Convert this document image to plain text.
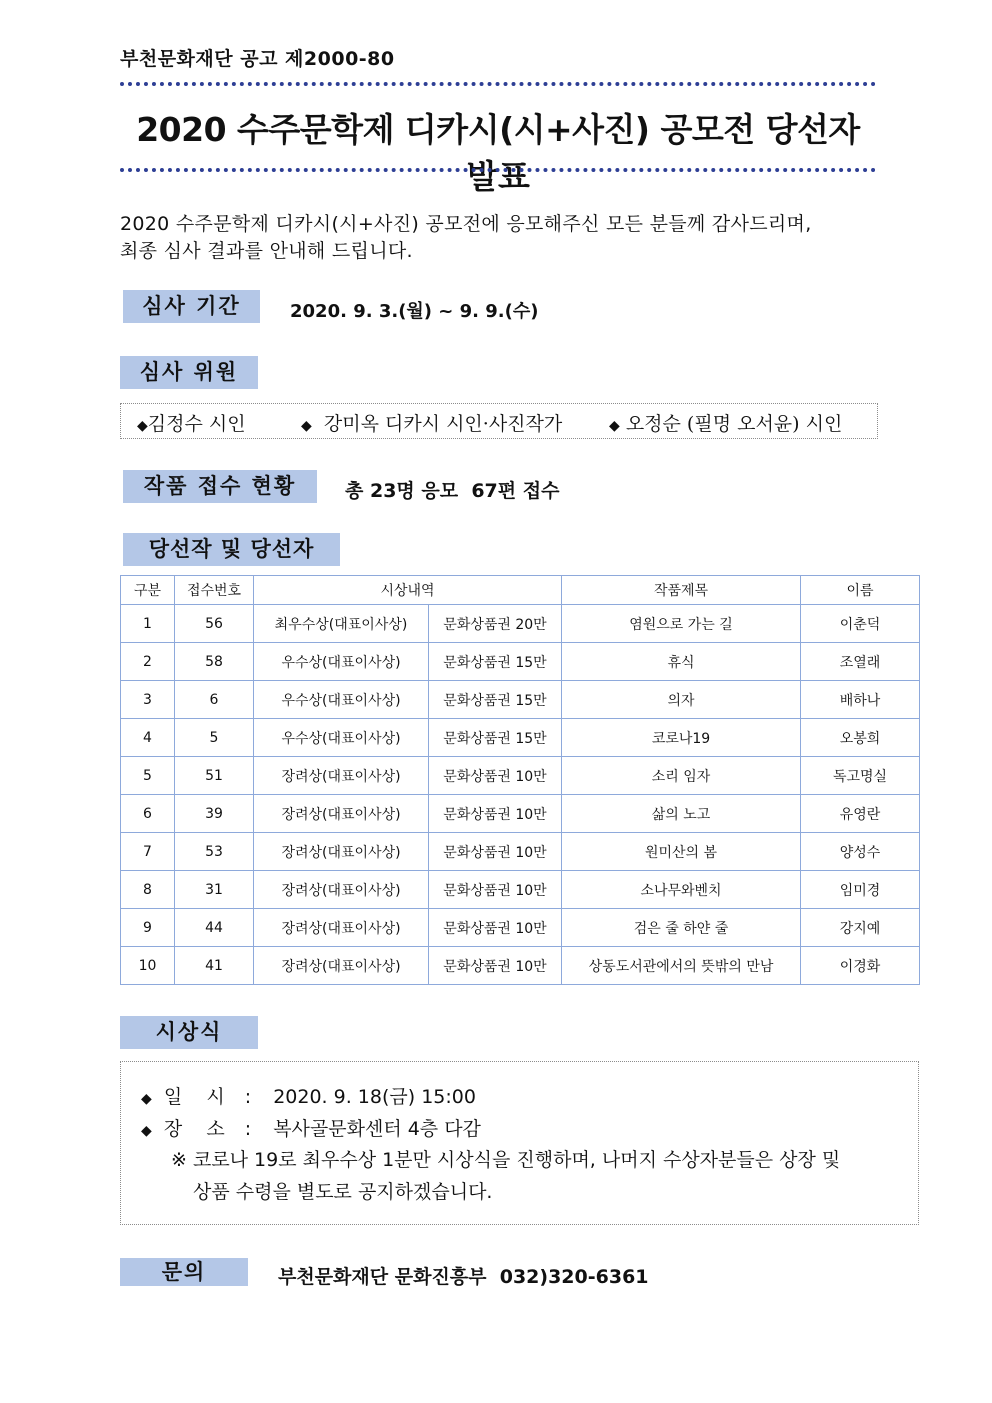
부천문화재단 공고 제2000-80
2020 수주문학제 디카시(시+사진) 공모전 당선자 발표
2020 수주문학제 디카시(시+사진) 공모전에 응모해주신 모든 분들께 감사드리며,
최종 심사 결과를 안내해 드립니다.
심사 기간	2020. 9. 3.(월) ~ 9. 9.(수)
심사 위원
◆김정수 시인	◆ 강미옥 디카시 시인·사진작가	◆ 오정순 (필명 오서윤) 시인
작품 접수 현황	총 23명 응모  67편 접수
당선작 및 당선자
구분	접수번호	시상내역		작품제목	이름
1	56	최우수상(대표이사상)	문화상품권 20만	염원으로 가는 길	이춘덕
2	58	우수상(대표이사상)	문화상품권 15만	휴식	조열래
3	6	우수상(대표이사상)	문화상품권 15만	의자	배하나
4	5	우수상(대표이사상)	문화상품권 15만	코로나19	오봉희
5	51	장려상(대표이사상)	문화상품권 10만	소리 임자	독고명실
6	39	장려상(대표이사상)	문화상품권 10만	삶의 노고	유영란
7	53	장려상(대표이사상)	문화상품권 10만	원미산의 봄	양성수
8	31	장려상(대표이사상)	문화상품권 10만	소나무와벤치	임미경
9	44	장려상(대표이사상)	문화상품권 10만	검은 줄 하얀 줄	강지예
10	41	장려상(대표이사상)	문화상품권 10만	상동도서관에서의 뜻밖의 만남	이경화
시상식
◆ 일    시 : 2020. 9. 18(금) 15:00
◆ 장    소 : 복사골문화센터 4층 다감
※ 코로나 19로 최우수상 1분만 시상식을 진행하며, 나머지 수상자분들은 상장 및
상품 수령을 별도로 공지하겠습니다.
문의	부천문화재단 문화진흥부  032)320-6361
